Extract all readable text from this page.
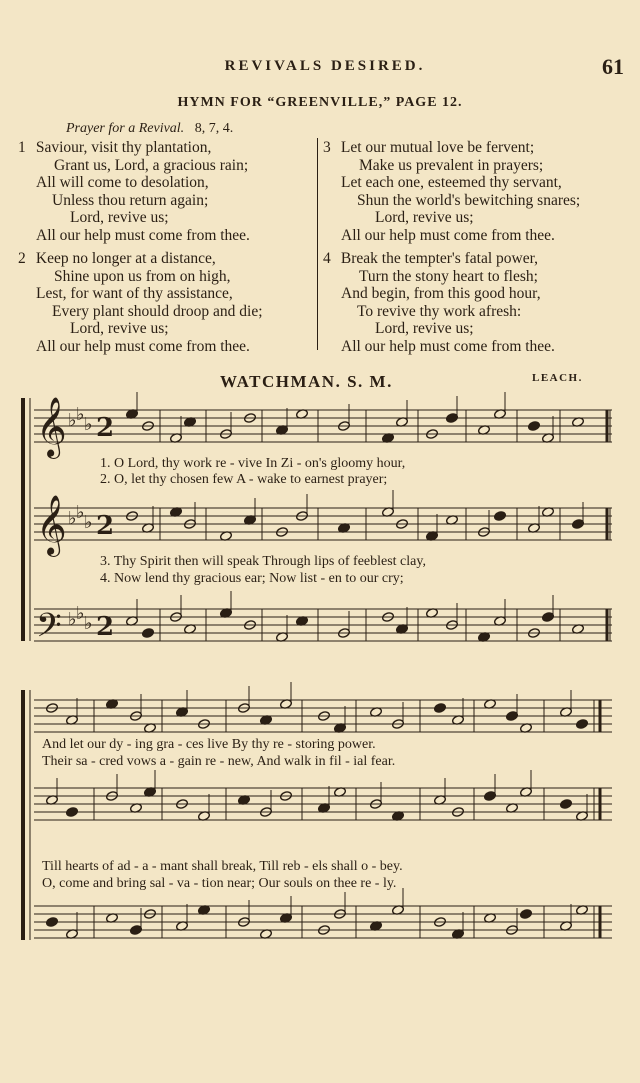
REVIVALS DESIRED.	61
HYMN FOR “GREENVILLE,” PAGE 12.
Prayer for a Revival. 8, 7, 4.
1 Saviour, visit thy plantation,
Grant us, Lord, a gracious rain;
All will come to desolation,
Unless thou return again;
Lord, revive us;
All our help must come from thee.
2 Keep no longer at a distance,
Shine upon us from on high,
Lest, for want of thy assistance,
Every plant should droop and die;
Lord, revive us;
All our help must come from thee.
3 Let our mutual love be fervent;
Make us prevalent in prayers;
Let each one, esteemed thy servant,
Shun the world's bewitching snares;
Lord, revive us;
All our help must come from thee.
4 Break the tempter's fatal power,
Turn the stony heart to flesh;
And begin, from this good hour,
To revive thy work afresh:
Lord, revive us;
All our help must come from thee.
WATCHMAN. S. M.	LEACH.
𝄞 ♭ ♭ ♭ 2
𝄞 ♭ ♭ ♭ 2
𝄢 ♭ ♭ ♭ 2
1. O Lord, thy work re - vive In Zi - on's gloomy hour,
2. O, let thy chosen few A - wake to earnest prayer;
3. Thy Spirit then will speak Through lips of feeblest clay,
4. Now lend thy gracious ear; Now list - en to our cry;
And let our dy - ing gra - ces live By thy re - storing power.
Their sa - cred vows a - gain re - new, And walk in fil - ial fear.
Till hearts of ad - a - mant shall break, Till reb - els shall o - bey.
O, come and bring sal - va - tion near; Our souls on thee re - ly.
